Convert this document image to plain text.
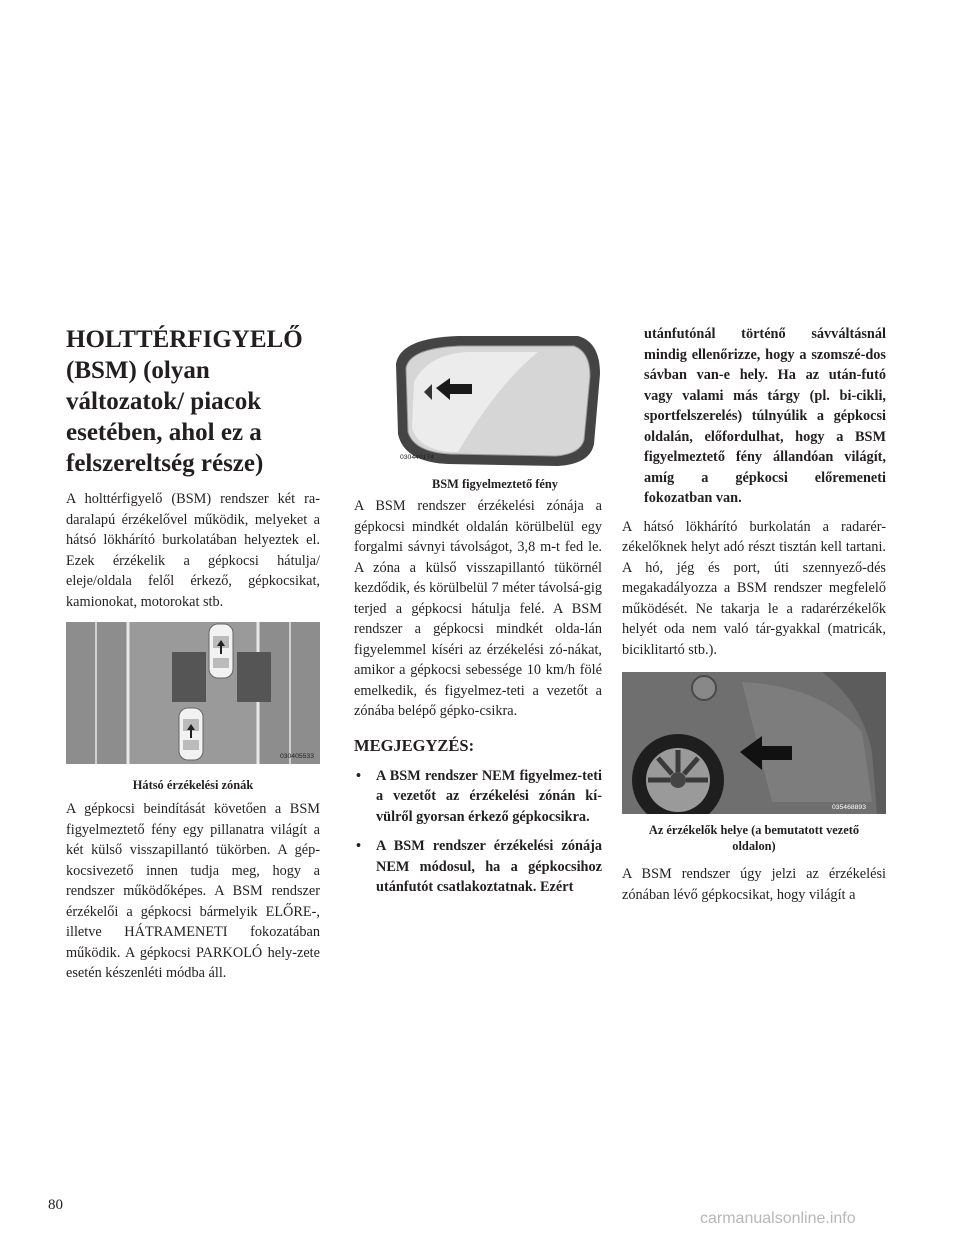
HOLTTÉRFIGYELŐ (BSM) (olyan változatok/ piacok esetében, ahol ez a felszereltség része)

A holttérfigyelő (BSM) rendszer két ra-daralapú érzékelővel működik, melyeket a hátsó lökhárító burkolatában helyeztek el. Ezek érzékelik a gépkocsi hátulja/ eleje/oldala felől érkező, gépkocsikat, kamionokat, motorokat stb.

030405533
Hátsó érzékelési zónák

A gépkocsi beindítását követően a BSM figyelmeztető fény egy pillanatra világít a két külső visszapillantó tükörben. A gép-kocsivezető innen tudja meg, hogy a rendszer működőképes. A BSM rendszer érzékelői a gépkocsi bármelyik ELŐRE-, illetve HÁTRAMENETI fokozatában működik. A gépkocsi PARKOLÓ hely-zete esetén készenléti módba áll.

030440174
BSM figyelmeztető fény

A BSM rendszer érzékelési zónája a gépkocsi mindkét oldalán körülbelül egy forgalmi sávnyi távolságot, 3,8 m-t fed le. A zóna a külső visszapillantó tükörnél kezdődik, és körülbelül 7 méter távolsá-gig terjed a gépkocsi hátulja felé. A BSM rendszer a gépkocsi mindkét olda-lán figyelemmel kíséri az érzékelési zó-nákat, amikor a gépkocsi sebessége 10 km/h fölé emelkedik, és figyelmez-teti a vezetőt a zónába belépő gépko-csikra.

MEGJEGYZÉS:
• A BSM rendszer NEM figyelmez-teti a vezetőt az érzékelési zónán kí-vülről gyorsan érkező gépkocsikra.
• A BSM rendszer érzékelési zónája NEM módosul, ha a gépkocsihoz utánfutót csatlakoztatnak. Ezért
utánfutónál történő sávváltásnál mindig ellenőrizze, hogy a szomszé-dos sávban van-e hely. Ha az után-futó vagy valami más tárgy (pl. bi-cikli, sportfelszerelés) túlnyúlik a gépkocsi oldalán, előfordulhat, hogy a BSM figyelmeztető fény állandóan világít, amíg a gépkocsi előremeneti fokozatban van.

A hátsó lökhárító burkolatán a radarér-zékelőknek helyt adó részt tisztán kell tartani. A hó, jég és port, úti szennyező-dés megakadályozza a BSM rendszer megfelelő működését. Ne takarja le a radarérzékelők helyét oda nem való tár-gyakkal (matricák, biciklitartó stb.).

035468893
Az érzékelők helye (a bemutatott vezető oldalon)

A BSM rendszer úgy jelzi az érzékelési zónában lévő gépkocsikat, hogy világít a

80
carmanualsonline.info
